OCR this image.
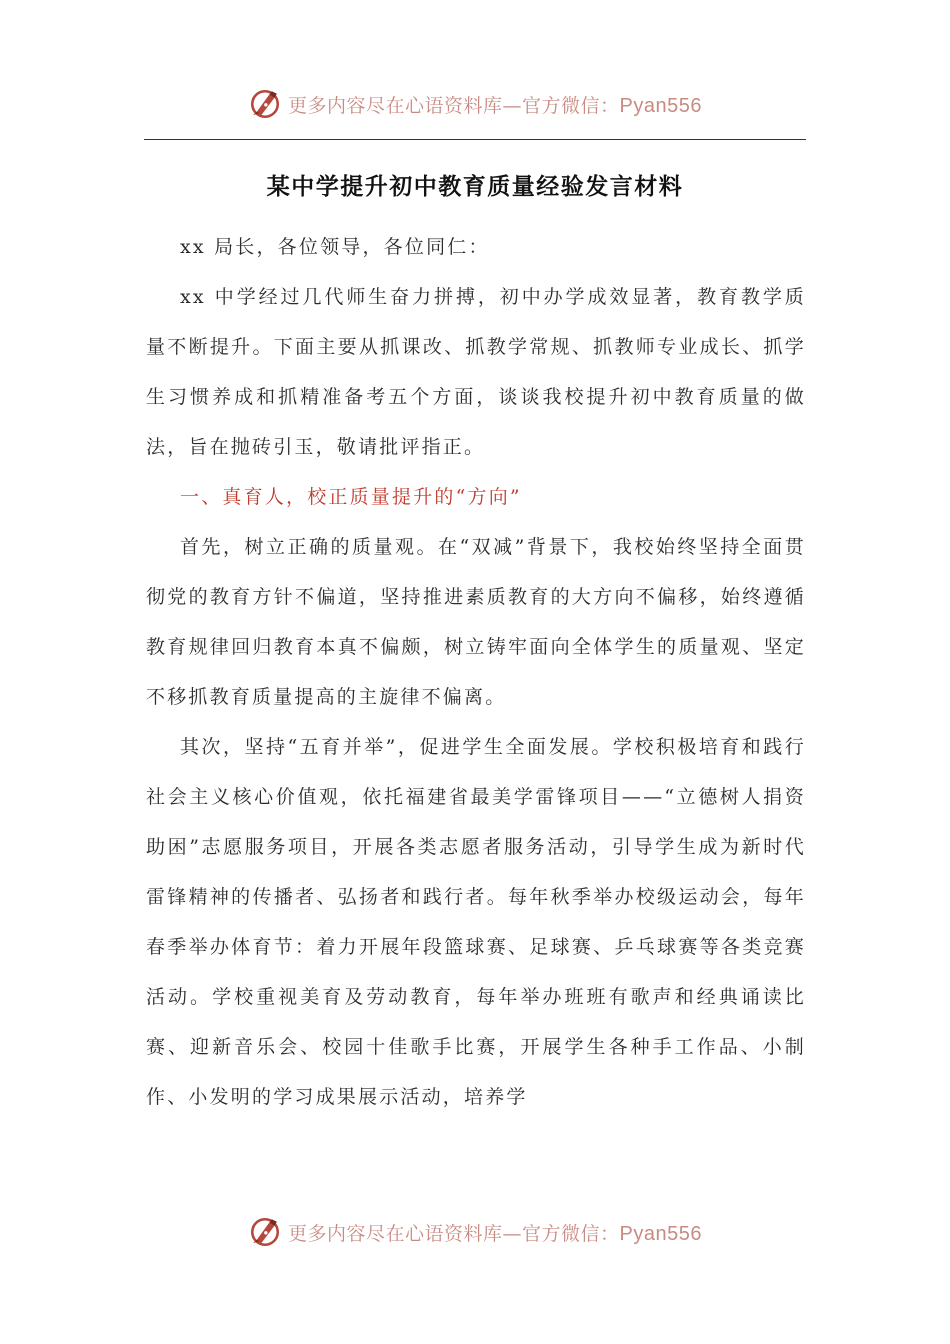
更多内容尽在心语资料库—官方微信：Pyan556
某中学提升初中教育质量经验发言材料

xx 局长，各位领导，各位同仁：

xx 中学经过几代师生奋力拼搏，初中办学成效显著，教育教学质量不断提升。下面主要从抓课改、抓教学常规、抓教师专业成长、抓学生习惯养成和抓精准备考五个方面，谈谈我校提升初中教育质量的做法，旨在抛砖引玉，敬请批评指正。

一、真育人，校正质量提升的“方向”

首先，树立正确的质量观。在“双减”背景下，我校始终坚持全面贯彻党的教育方针不偏道，坚持推进素质教育的大方向不偏移，始终遵循教育规律回归教育本真不偏颇，树立铸牢面向全体学生的质量观、坚定不移抓教育质量提高的主旋律不偏离。

其次，坚持“五育并举”，促进学生全面发展。学校积极培育和践行社会主义核心价值观，依托福建省最美学雷锋项目——“立德树人捐资助困”志愿服务项目，开展各类志愿者服务活动，引导学生成为新时代雷锋精神的传播者、弘扬者和践行者。每年秋季举办校级运动会，每年春季举办体育节：着力开展年段篮球赛、足球赛、乒乓球赛等各类竞赛活动。学校重视美育及劳动教育，每年举办班班有歌声和经典诵读比赛、迎新音乐会、校园十佳歌手比赛，开展学生各种手工作品、小制作、小发明的学习成果展示活动，培养学

更多内容尽在心语资料库—官方微信：Pyan556
